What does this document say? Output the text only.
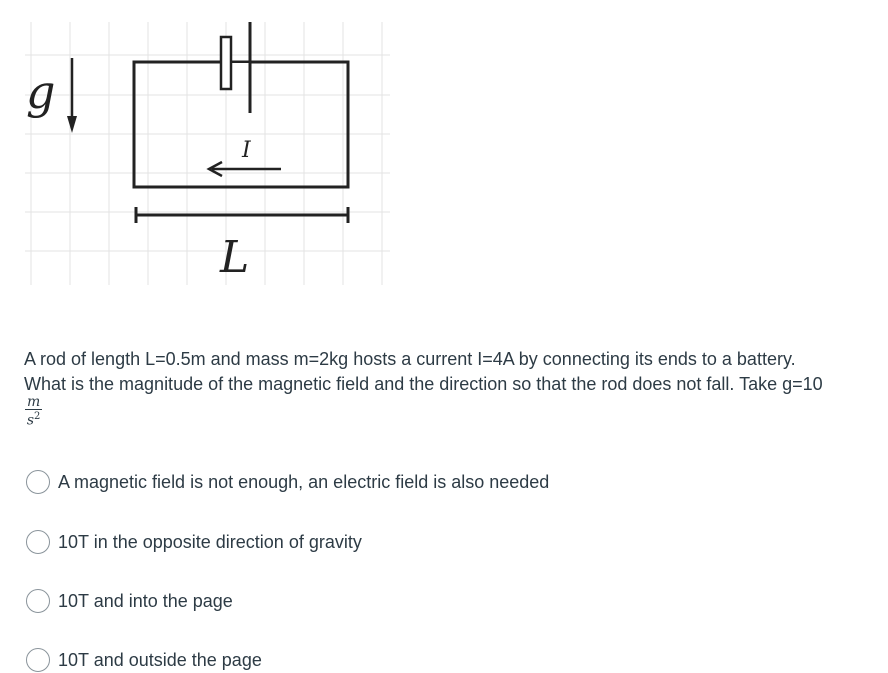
I
L
g
A rod of length L=0.5m and mass m=2kg hosts a current I=4A by connecting its ends to a battery. What is the magnitude of the magnetic field and the direction so that the rod does not fall. Take g=10
$\frac{m}{s^2}$
A magnetic field is not enough, an electric field is also needed
10T in the opposite direction of gravity
10T and into the page
10T and outside the page
